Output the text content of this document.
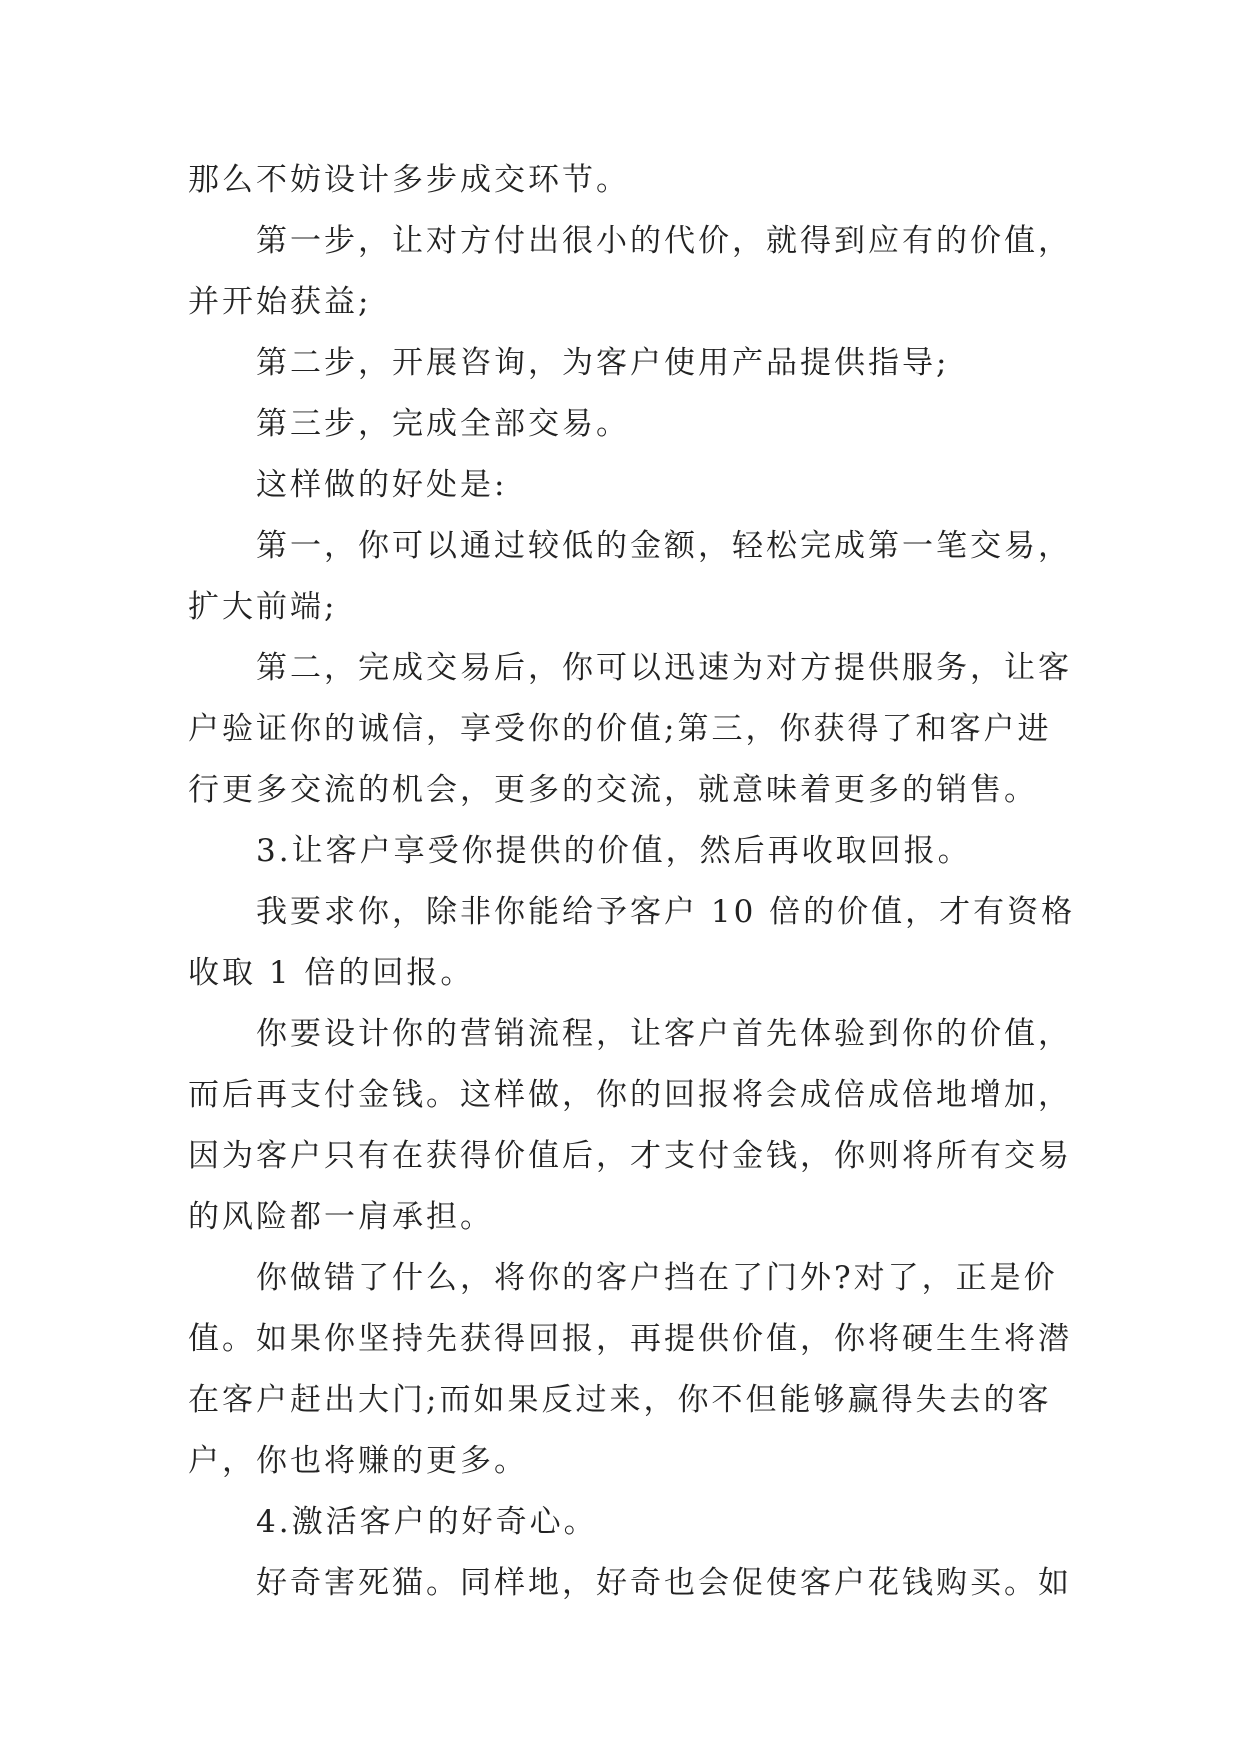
那么不妨设计多步成交环节。
第一步，让对方付出很小的代价，就得到应有的价值，
并开始获益;
第二步，开展咨询，为客户使用产品提供指导;
第三步，完成全部交易。
这样做的好处是:
第一，你可以通过较低的金额，轻松完成第一笔交易，
扩大前端;
第二，完成交易后，你可以迅速为对方提供服务，让客
户验证你的诚信，享受你的价值;第三，你获得了和客户进
行更多交流的机会，更多的交流，就意味着更多的销售。
3.让客户享受你提供的价值，然后再收取回报。
我要求你，除非你能给予客户 10 倍的价值，才有资格
收取 1 倍的回报。
你要设计你的营销流程，让客户首先体验到你的价值，
而后再支付金钱。这样做，你的回报将会成倍成倍地增加，
因为客户只有在获得价值后，才支付金钱，你则将所有交易
的风险都一肩承担。
你做错了什么，将你的客户挡在了门外?对了，正是价
值。如果你坚持先获得回报，再提供价值，你将硬生生将潜
在客户赶出大门;而如果反过来，你不但能够赢得失去的客
户，你也将赚的更多。
4.激活客户的好奇心。
好奇害死猫。同样地，好奇也会促使客户花钱购买。如
